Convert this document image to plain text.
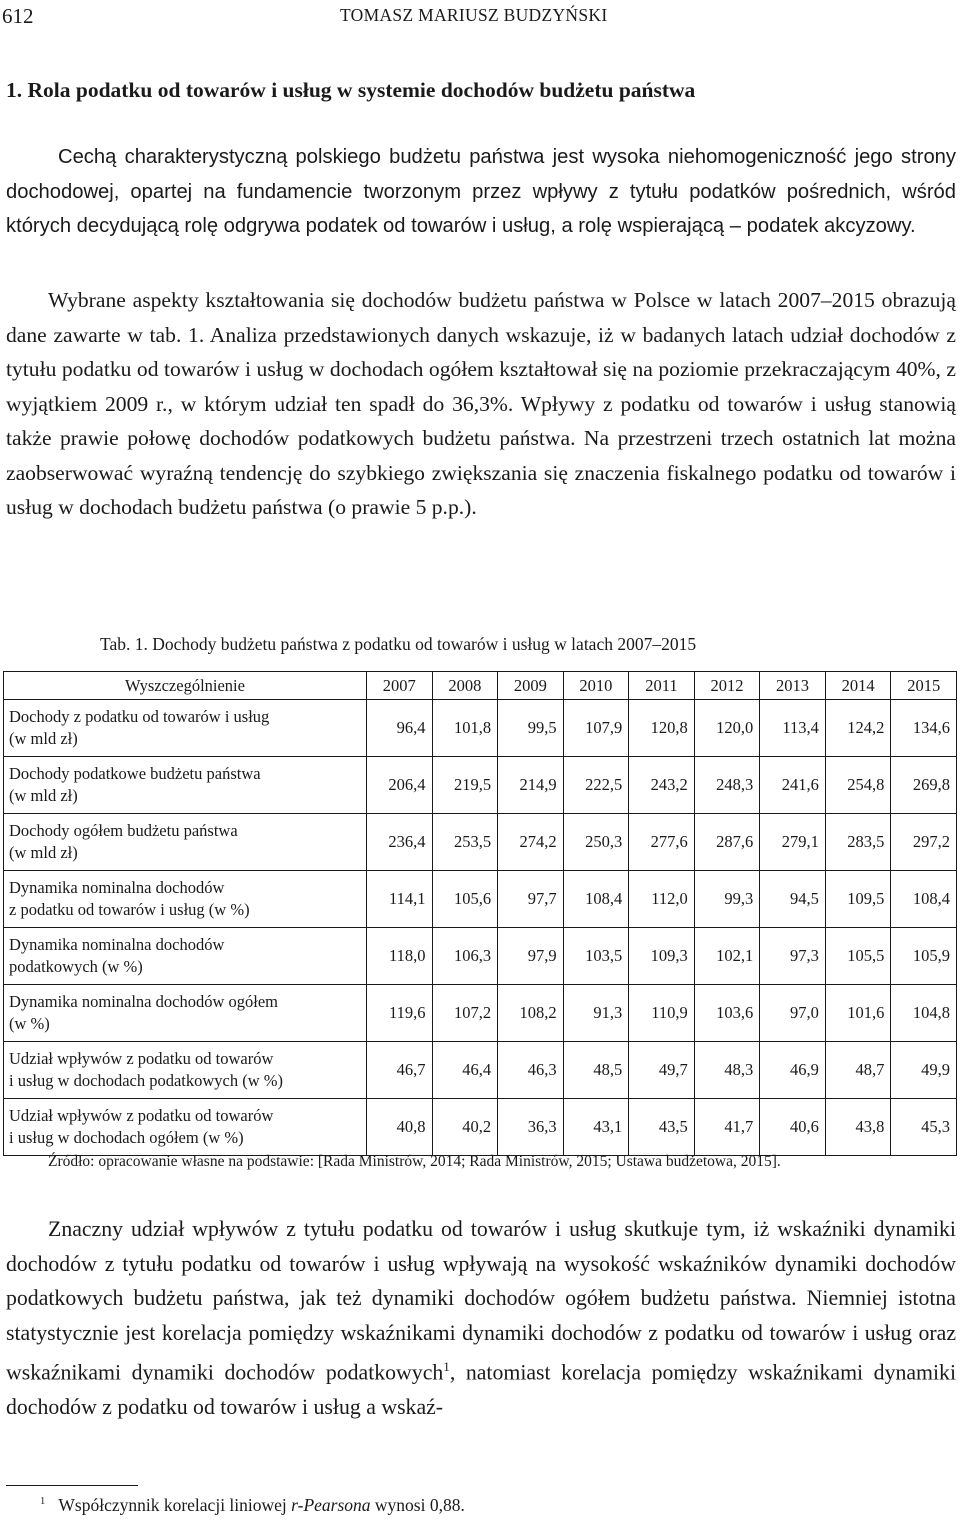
612	TOMASZ MARIUSZ BUDZYŃSKI
1. Rola podatku od towarów i usług w systemie dochodów budżetu państwa

Cechą charakterystyczną polskiego budżetu państwa jest wysoka niehomogeniczność jego strony dochodowej, opartej na fundamencie tworzonym przez wpływy z tytułu podatków pośrednich, wśród których decydującą rolę odgrywa podatek od towarów i usług, a rolę wspierającą – podatek akcyzowy.

Wybrane aspekty kształtowania się dochodów budżetu państwa w Polsce w latach 2007–2015 obrazują dane zawarte w tab. 1. Analiza przedstawionych danych wskazuje, iż w badanych latach udział dochodów z tytułu podatku od towarów i usług w dochodach ogółem kształtował się na poziomie przekraczającym 40%, z wyjątkiem 2009 r., w którym udział ten spadł do 36,3%. Wpływy z podatku od towarów i usług stanowią także prawie połowę dochodów podatkowych budżetu państwa. Na przestrzeni trzech ostatnich lat można zaobserwować wyraźną tendencję do szybkiego zwiększania się znaczenia fiskalnego podatku od towarów i usług w dochodach budżetu państwa (o prawie 5 p.p.).

Tab. 1. Dochody budżetu państwa z podatku od towarów i usług w latach 2007–2015
Wyszczególnienie	2007	2008	2009	2010	2011	2012	2013	2014	2015

Dochody z podatku od towarów i usług
(w mld zł)	96,4	101,8	99,5	107,9	120,8	120,0	113,4	124,2	134,6

Dochody podatkowe budżetu państwa
(w mld zł)	206,4	219,5	214,9	222,5	243,2	248,3	241,6	254,8	269,8

Dochody ogółem budżetu państwa
(w mld zł)	236,4	253,5	274,2	250,3	277,6	287,6	279,1	283,5	297,2

Dynamika nominalna dochodów
z podatku od towarów i usług (w %)	114,1	105,6	97,7	108,4	112,0	99,3	94,5	109,5	108,4

Dynamika nominalna dochodów
podatkowych (w %)	118,0	106,3	97,9	103,5	109,3	102,1	97,3	105,5	105,9

Dynamika nominalna dochodów ogółem
(w %)	119,6	107,2	108,2	91,3	110,9	103,6	97,0	101,6	104,8

Udział wpływów z podatku od towarów
i usług w dochodach podatkowych (w %)	46,7	46,4	46,3	48,5	49,7	48,3	46,9	48,7	49,9

Udział wpływów z podatku od towarów
i usług w dochodach ogółem (w %)	40,8	40,2	36,3	43,1	43,5	41,7	40,6	43,8	45,3
Źródło: opracowanie własne na podstawie: [Rada Ministrów, 2014; Rada Ministrów, 2015; Ustawa budżetowa, 2015].

Znaczny udział wpływów z tytułu podatku od towarów i usług skutkuje tym, iż wskaźniki dynamiki dochodów z tytułu podatku od towarów i usług wpływają na wysokość wskaźników dynamiki dochodów podatkowych budżetu państwa, jak też dynamiki dochodów ogółem budżetu państwa. Niemniej istotna statystycznie jest korelacja pomiędzy wskaźnikami dynamiki dochodów z podatku od towarów i usług oraz wskaźnikami dynamiki dochodów podatkowych$^1$, natomiast korelacja pomiędzy wskaźnikami dynamiki dochodów z podatku od towarów i usług a wskaź-

$^1$ Współczynnik korelacji liniowej r-Pearsona wynosi 0,88.
